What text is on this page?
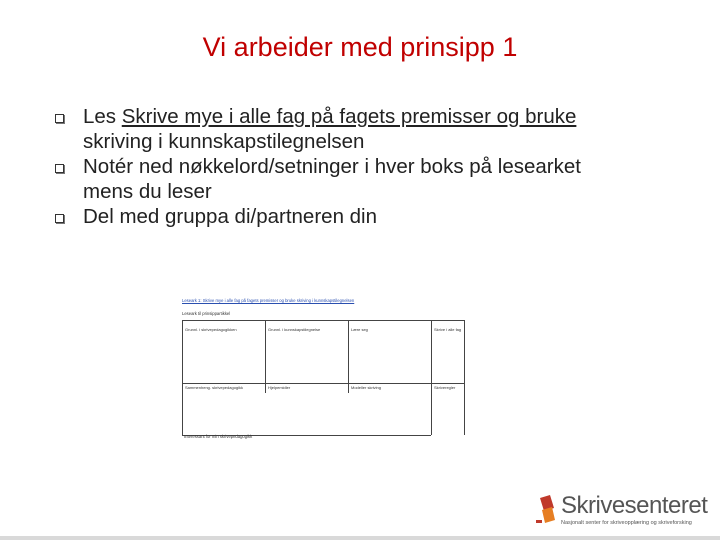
Vi arbeider med prinsipp 1
Les Skrive mye i alle fag på fagets premisser og bruke
skriving i kunnskapstilegnelsen
Notér ned nøkkelord/setninger i hver boks på lesearket
mens du leser
Del med gruppa di/partneren din
Leseark 1: Skrive mye i alle fag på fagets premisser og bruke skriving i kunnskapstilegnelsen
Leseark til prinsippartikkel
Grunnl. i skrivepedagogikken	Grunnl. i kunnskapstilegnelse	Lære seg	Skrive i alle fag
Sammenheng. skrivepedagogikk	Hjelpemidler	Modeller skriving	Skriveregler
Interessant for min skrivepedagogikk
Skrivesenteret
Nasjonalt senter for skriveopplæring og skriveforsking
